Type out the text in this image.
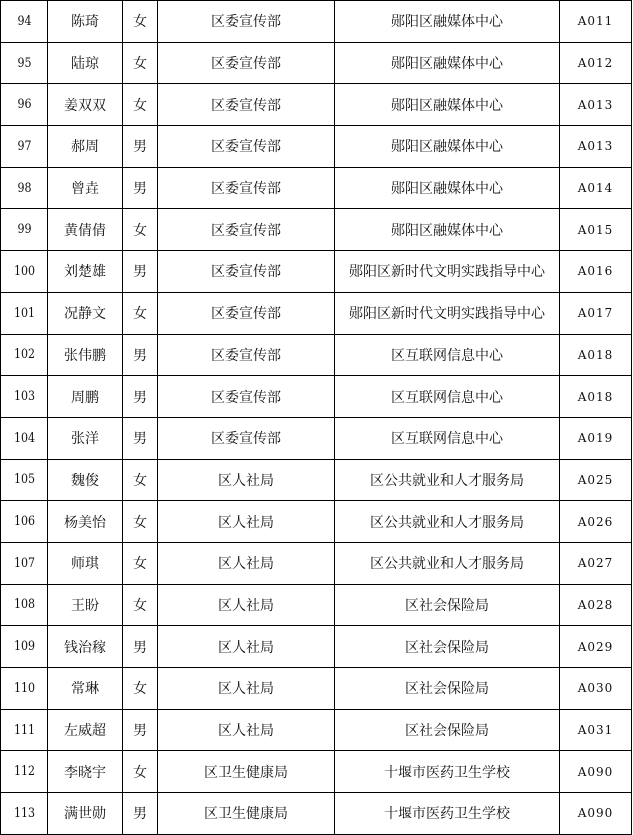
94	陈琦	女	区委宣传部	郧阳区融媒体中心	A011
95	陆琼	女	区委宣传部	郧阳区融媒体中心	A012
96	姜双双	女	区委宣传部	郧阳区融媒体中心	A013
97	郝周	男	区委宣传部	郧阳区融媒体中心	A013
98	曾垚	男	区委宣传部	郧阳区融媒体中心	A014
99	黄倩倩	女	区委宣传部	郧阳区融媒体中心	A015
100	刘楚雄	男	区委宣传部	郧阳区新时代文明实践指导中心	A016
101	况静文	女	区委宣传部	郧阳区新时代文明实践指导中心	A017
102	张伟鹏	男	区委宣传部	区互联网信息中心	A018
103	周鹏	男	区委宣传部	区互联网信息中心	A018
104	张洋	男	区委宣传部	区互联网信息中心	A019
105	魏俊	女	区人社局	区公共就业和人才服务局	A025
106	杨美怡	女	区人社局	区公共就业和人才服务局	A026
107	师琪	女	区人社局	区公共就业和人才服务局	A027
108	王盼	女	区人社局	区社会保险局	A028
109	钱治稼	男	区人社局	区社会保险局	A029
110	常琳	女	区人社局	区社会保险局	A030
111	左威超	男	区人社局	区社会保险局	A031
112	李晓宇	女	区卫生健康局	十堰市医药卫生学校	A090
113	满世勋	男	区卫生健康局	十堰市医药卫生学校	A090
